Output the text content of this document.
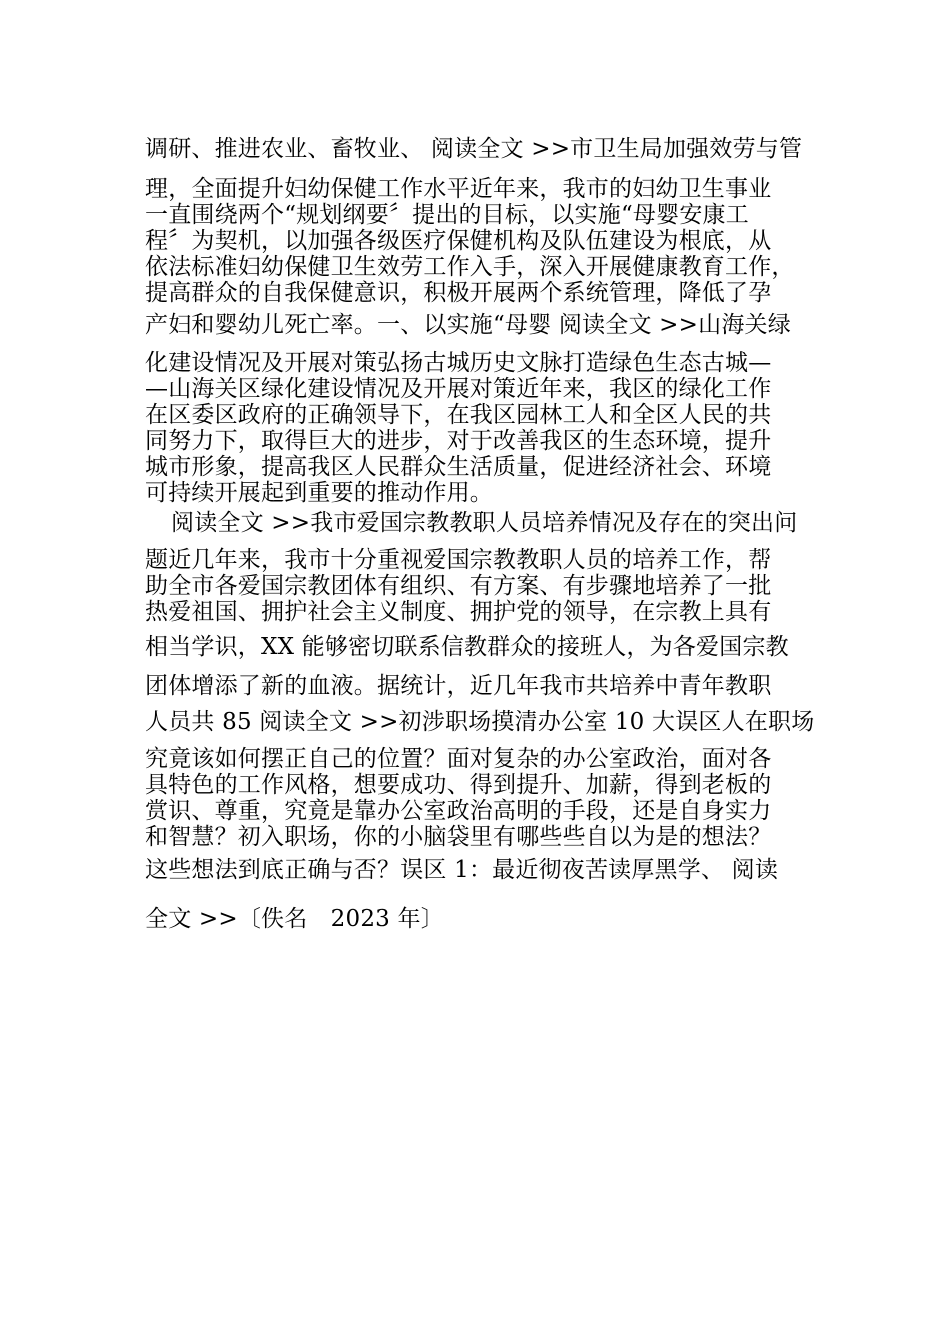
调研、推进农业、畜牧业、 阅读全文 >>市卫生局加强效劳与管
理，全面提升妇幼保健工作水平近年来，我市的妇幼卫生事业
一直围绕两个“规划纲要〞提出的目标，以实施“母婴安康工
程〞为契机，以加强各级医疗保健机构及队伍建设为根底，从
依法标准妇幼保健卫生效劳工作入手，深入开展健康教育工作，
提高群众的自我保健意识，积极开展两个系统管理，降低了孕
产妇和婴幼儿死亡率。一、以实施“母婴 阅读全文 >>山海关绿
化建设情况及开展对策弘扬古城历史文脉打造绿色生态古城—
—山海关区绿化建设情况及开展对策近年来，我区的绿化工作
在区委区政府的正确领导下，在我区园林工人和全区人民的共
同努力下，取得巨大的进步，对于改善我区的生态环境，提升
城市形象，提高我区人民群众生活质量，促进经济社会、环境
可持续开展起到重要的推动作用。
阅读全文 >>我市爱国宗教教职人员培养情况及存在的突出问
题近几年来，我市十分重视爱国宗教教职人员的培养工作，帮
助全市各爱国宗教团体有组织、有方案、有步骤地培养了一批
热爱祖国、拥护社会主义制度、拥护党的领导，在宗教上具有
相当学识，XX 能够密切联系信教群众的接班人，为各爱国宗教
团体增添了新的血液。据统计，近几年我市共培养中青年教职
人员共 85 阅读全文 >>初涉职场摸清办公室 10 大误区人在职场
究竟该如何摆正自己的位置？面对复杂的办公室政治，面对各
具特色的工作风格，想要成功、得到提升、加薪，得到老板的
赏识、尊重，究竟是靠办公室政治高明的手段，还是自身实力
和智慧？初入职场，你的小脑袋里有哪些些自以为是的想法？
这些想法到底正确与否？误区 1：最近彻夜苦读厚黑学、 阅读
全文 >>〔佚名　2023 年〕
